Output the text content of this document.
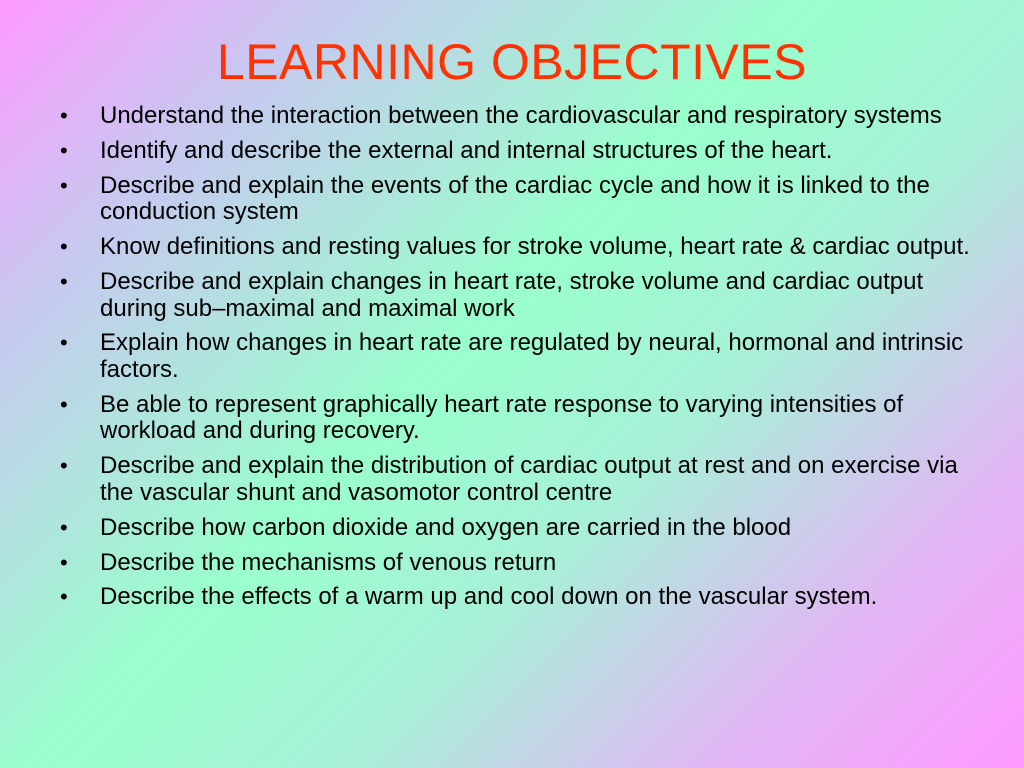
LEARNING OBJECTIVES
•	Understand the interaction between the cardiovascular and respiratory systems
•	Identify and describe the external and internal structures of the heart.
•	Describe and explain the events of the cardiac cycle and how it is linked to the conduction system
•	Know definitions and resting values for stroke volume, heart rate & cardiac output.
•	Describe and explain changes in heart rate, stroke volume and cardiac output during sub–maximal and maximal work
•	Explain how changes in heart rate are regulated by neural, hormonal and intrinsic factors.
•	Be able to represent graphically heart rate response to varying intensities of workload and during recovery.
•	Describe and explain the distribution of cardiac output at rest and on exercise via the vascular shunt and vasomotor control centre
•	Describe how carbon dioxide and oxygen are carried in the blood
•	Describe the mechanisms of venous return
•	Describe the effects of a warm up and cool down on the vascular system.
